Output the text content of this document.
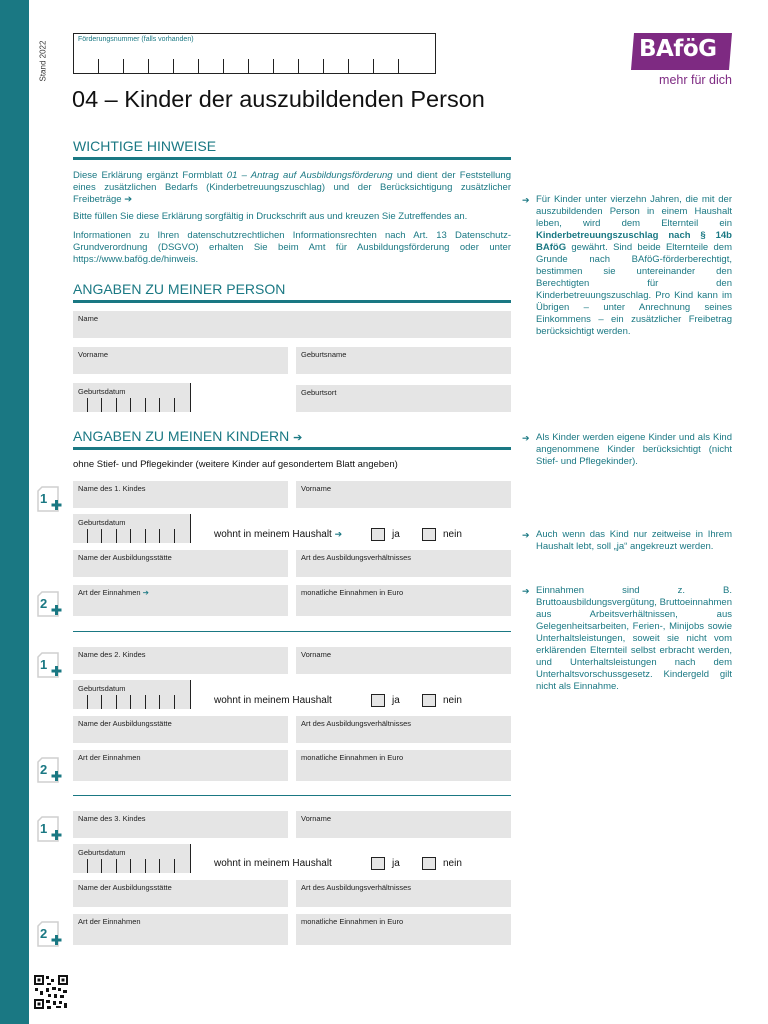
Stand 2022
Förderungsnummer (falls vorhanden)	BAföG
mehr für dich
04 – Kinder der auszubildenden Person
WICHTIGE HINWEISE
Diese Erklärung ergänzt Formblatt 01 – Antrag auf Ausbildungsförderung und dient der Feststellung eines zusätzlichen Bedarfs (Kinderbetreuungszuschlag) und der Berücksichtigung zusätzlicher Freibeträge ➔
Bitte füllen Sie diese Erklärung sorgfältig in Druckschrift aus und kreuzen Sie Zutreffendes an.
Informationen zu Ihren datenschutzrechtlichen Informationsrechten nach Art. 13 Datenschutz-Grundverordnung (DSGVO) erhalten Sie beim Amt für Ausbildungsförderung oder unter https://www.bafög.de/hinweis.
ANGABEN ZU MEINER PERSON
Name
Vorname	Geburtsname
Geburtsdatum	Geburtsort
ANGABEN ZU MEINEN KINDERN ➔
ohne Stief- und Pflegekinder (weitere Kinder auf gesondertem Blatt angeben)
1
Name des 1. Kindes	Vorname
Geburtsdatum
wohnt in meinem Haushalt ➔	ja	nein
Name der Ausbildungsstätte	Art des Ausbildungsverhältnisses
2
Art der Einnahmen ➔	monatliche Einnahmen in Euro
1
Name des 2. Kindes	Vorname
Geburtsdatum
wohnt in meinem Haushalt	ja	nein
Name der Ausbildungsstätte	Art des Ausbildungsverhältnisses
2
Art der Einnahmen	monatliche Einnahmen in Euro
1
Name des 3. Kindes	Vorname
Geburtsdatum
wohnt in meinem Haushalt	ja	nein
Name der Ausbildungsstätte	Art des Ausbildungsverhältnisses
2
Art der Einnahmen	monatliche Einnahmen in Euro
➔ Für Kinder unter vierzehn Jahren, die mit der auszubildenden Person in einem Haushalt leben, wird dem Elternteil ein Kinderbetreuungszuschlag nach § 14b BAföG gewährt. Sind beide Elternteile dem Grunde nach BAföG-förderberechtigt, bestimmen sie untereinander den Berechtigten für den Kinderbetreuungszuschlag. Pro Kind kann im Übrigen – unter Anrechnung seines Einkommens – ein zusätzlicher Freibetrag berücksichtigt werden.
➔ Als Kinder werden eigene Kinder und als Kind angenommene Kinder berücksichtigt (nicht Stief- und Pflegekinder).
➔ Auch wenn das Kind nur zeitweise in Ihrem Haushalt lebt, soll „ja“ angekreuzt werden.
➔ Einnahmen sind z. B. Bruttoausbildungsvergütung, Bruttoeinnahmen aus Arbeitsverhältnissen, aus Gelegenheitsarbeiten, Ferien-, Minijobs sowie Unterhaltsleistungen, soweit sie nicht vom erklärenden Elternteil selbst erbracht werden, und Unterhaltsleistungen nach dem Unterhaltsvorschussgesetz. Kindergeld gilt nicht als Einnahme.
